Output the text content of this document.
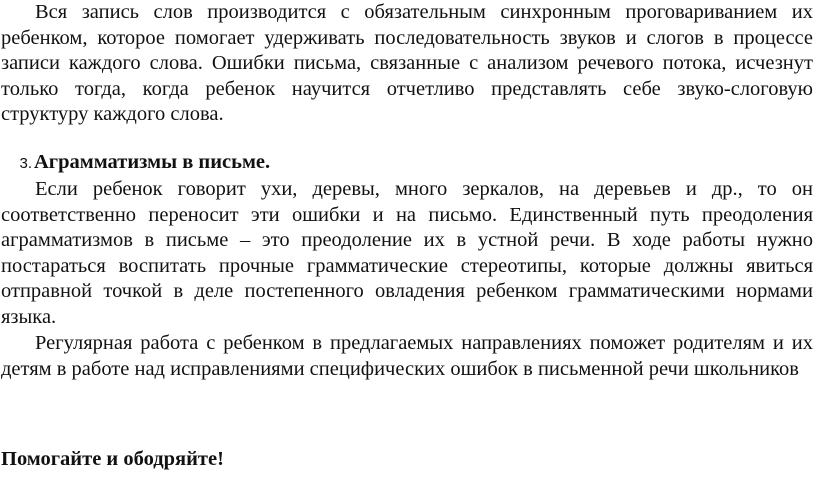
Вся запись слов производится с обязательным синхронным проговариванием их ребенком, которое помогает удерживать последовательность звуков и слогов в процессе записи каждого слова. Ошибки письма, связанные с анализом речевого потока, исчезнут только тогда, когда ребенок научится отчетливо представлять себе звуко-слоговую структуру каждого слова.

3.Аграмматизмы в письме.

Если ребенок говорит ухи, деревы, много зеркалов, на деревьев и др., то он соответственно переносит эти ошибки и на письмо. Единственный путь преодоления аграмматизмов в письме – это преодоление их в устной речи. В ходе работы нужно постараться воспитать прочные грамматические стереотипы, которые должны явиться отправной точкой в деле постепенного овладения ребенком грамматическими нормами языка.

Регулярная работа с ребенком в предлагаемых направлениях поможет родителям и их детям в работе над исправлениями специфических ошибок в письменной речи школьников

Помогайте и ободряйте!
